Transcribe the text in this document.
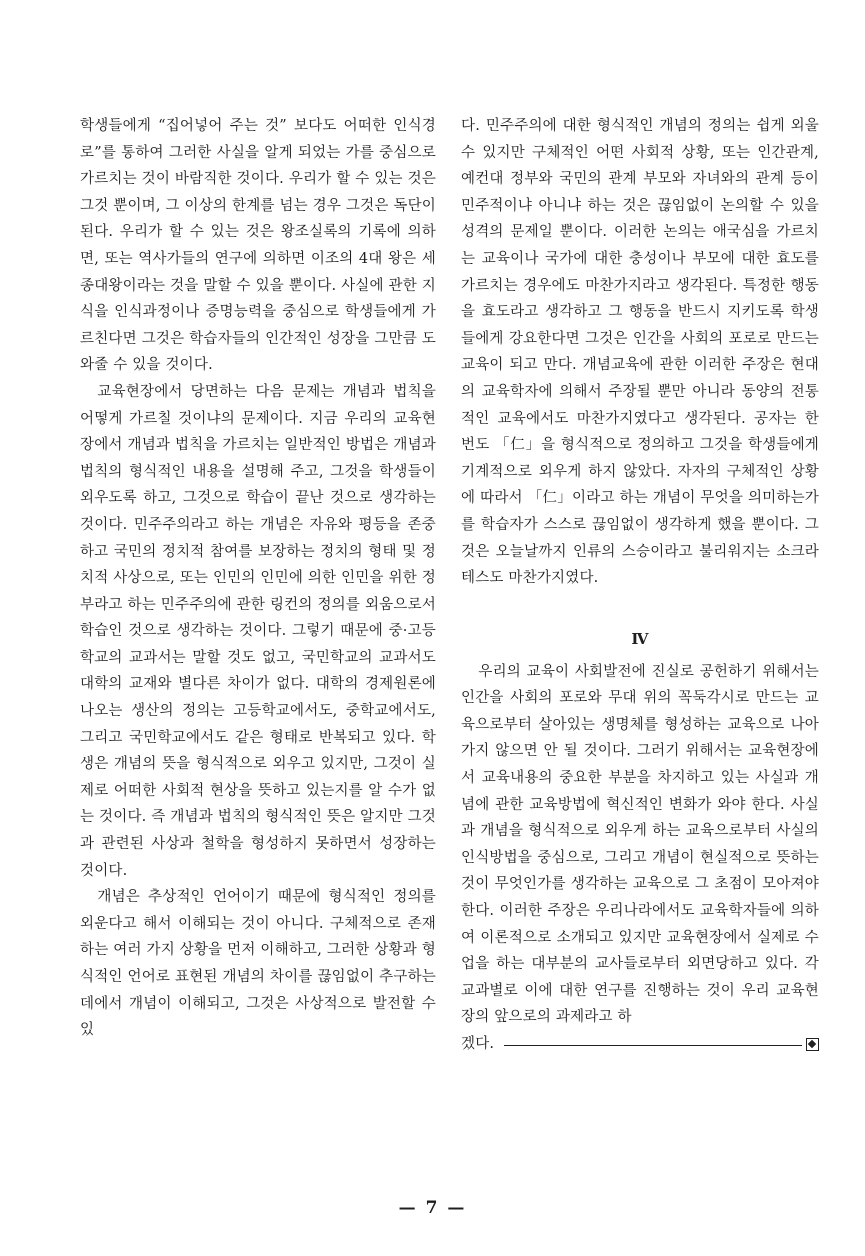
학생들에게 “집어넣어 주는 것” 보다도 어떠한 인식경로”를 통하여 그러한 사실을 알게 되었는 가를 중심으로 가르치는 것이 바람직한 것이다. 우리가 할 수 있는 것은 그것 뿐이며, 그 이상의 한계를 넘는 경우 그것은 독단이 된다. 우리가 할 수 있는 것은 왕조실록의 기록에 의하면, 또는 역사가들의 연구에 의하면 이조의 4대 왕은 세종대왕이라는 것을 말할 수 있을 뿐이다. 사실에 관한 지식을 인식과정이나 증명능력을 중심으로 학생들에게 가르친다면 그것은 학습자들의 인간적인 성장을 그만큼 도와줄 수 있을 것이다.

교육현장에서 당면하는 다음 문제는 개념과 법칙을 어떻게 가르칠 것이냐의 문제이다. 지금 우리의 교육현장에서 개념과 법칙을 가르치는 일반적인 방법은 개념과 법칙의 형식적인 내용을 설명해 주고, 그것을 학생들이 외우도록 하고, 그것으로 학습이 끝난 것으로 생각하는 것이다. 민주주의라고 하는 개념은 자유와 평등을 존중하고 국민의 정치적 참여를 보장하는 정치의 형태 및 정치적 사상으로, 또는 인민의 인민에 의한 인민을 위한 정부라고 하는 민주주의에 관한 링컨의 정의를 외움으로서 학습인 것으로 생각하는 것이다. 그렇기 때문에 중·고등학교의 교과서는 말할 것도 없고, 국민학교의 교과서도 대학의 교재와 별다른 차이가 없다. 대학의 경제원론에 나오는 생산의 정의는 고등학교에서도, 중학교에서도, 그리고 국민학교에서도 같은 형태로 반복되고 있다. 학생은 개념의 뜻을 형식적으로 외우고 있지만, 그것이 실제로 어떠한 사회적 현상을 뜻하고 있는지를 알 수가 없는 것이다. 즉 개념과 법칙의 형식적인 뜻은 알지만 그것과 관련된 사상과 철학을 형성하지 못하면서 성장하는 것이다.

개념은 추상적인 언어이기 때문에 형식적인 정의를 외운다고 해서 이해되는 것이 아니다. 구체적으로 존재하는 여러 가지 상황을 먼저 이해하고, 그러한 상황과 형식적인 언어로 표현된 개념의 차이를 끊임없이 추구하는 데에서 개념이 이해되고, 그것은 사상적으로 발전할 수 있

다. 민주주의에 대한 형식적인 개념의 정의는 쉽게 외울 수 있지만 구체적인 어떤 사회적 상황, 또는 인간관계, 예컨대 정부와 국민의 관계 부모와 자녀와의 관계 등이 민주적이냐 아니냐 하는 것은 끊임없이 논의할 수 있을 성격의 문제일 뿐이다. 이러한 논의는 애국심을 가르치는 교육이나 국가에 대한 충성이나 부모에 대한 효도를 가르치는 경우에도 마찬가지라고 생각된다. 특정한 행동을 효도라고 생각하고 그 행동을 반드시 지키도록 학생들에게 강요한다면 그것은 인간을 사회의 포로로 만드는 교육이 되고 만다. 개념교육에 관한 이러한 주장은 현대의 교육학자에 의해서 주장될 뿐만 아니라 동양의 전통적인 교육에서도 마찬가지였다고 생각된다. 공자는 한 번도 「仁」을 형식적으로 정의하고 그것을 학생들에게 기계적으로 외우게 하지 않았다. 자자의 구체적인 상황에 따라서 「仁」이라고 하는 개념이 무엇을 의미하는가를 학습자가 스스로 끊임없이 생각하게 했을 뿐이다. 그것은 오늘날까지 인류의 스승이라고 불리워지는 소크라테스도 마찬가지였다.

Ⅳ

우리의 교육이 사회발전에 진실로 공헌하기 위해서는 인간을 사회의 포로와 무대 위의 꼭둑각시로 만드는 교육으로부터 살아있는 생명체를 형성하는 교육으로 나아가지 않으면 안 될 것이다. 그러기 위해서는 교육현장에서 교육내용의 중요한 부분을 차지하고 있는 사실과 개념에 관한 교육방법에 혁신적인 변화가 와야 한다. 사실과 개념을 형식적으로 외우게 하는 교육으로부터 사실의 인식방법을 중심으로, 그리고 개념이 현실적으로 뜻하는 것이 무엇인가를 생각하는 교육으로 그 초점이 모아져야 한다. 이러한 주장은 우리나라에서도 교육학자들에 의하여 이론적으로 소개되고 있지만 교육현장에서 실제로 수업을 하는 대부분의 교사들로부터 외면당하고 있다. 각 교과별로 이에 대한 연구를 진행하는 것이 우리 교육현장의 앞으로의 과제라고 하

겠다.
— 7 —
